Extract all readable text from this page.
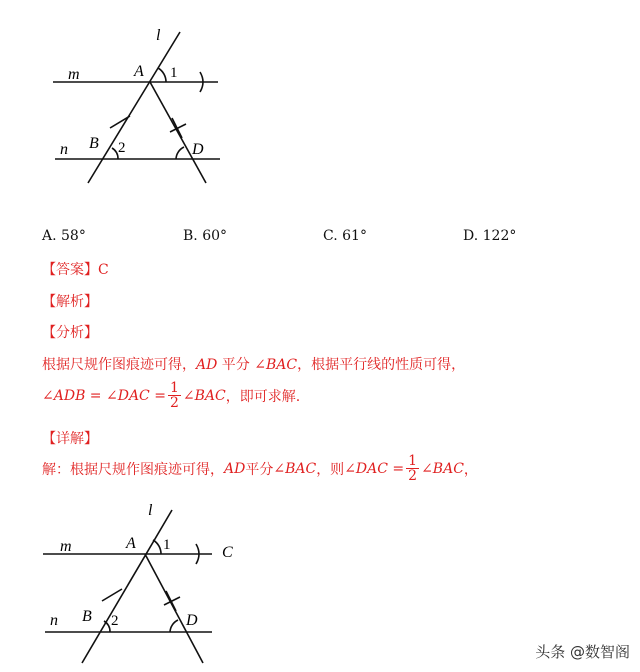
l
m
n
A
B	D
1
2
A. 58°	B. 60°	C. 61°	D. 122°
【答案】C
【解析】
【分析】
根据尺规作图痕迹可得，AD 平分 ∠BAC，根据平行线的性质可得，
∠ADB = ∠DAC = $\frac{1}{2}$ ∠BAC ，即可求解.
【详解】
解：根据尺规作图痕迹可得， AD 平分 ∠BAC ，则 ∠DAC = $\frac{1}{2}$ ∠BAC ，
l
m
n
A
C
B	D
1
2
头条 @数智阁
